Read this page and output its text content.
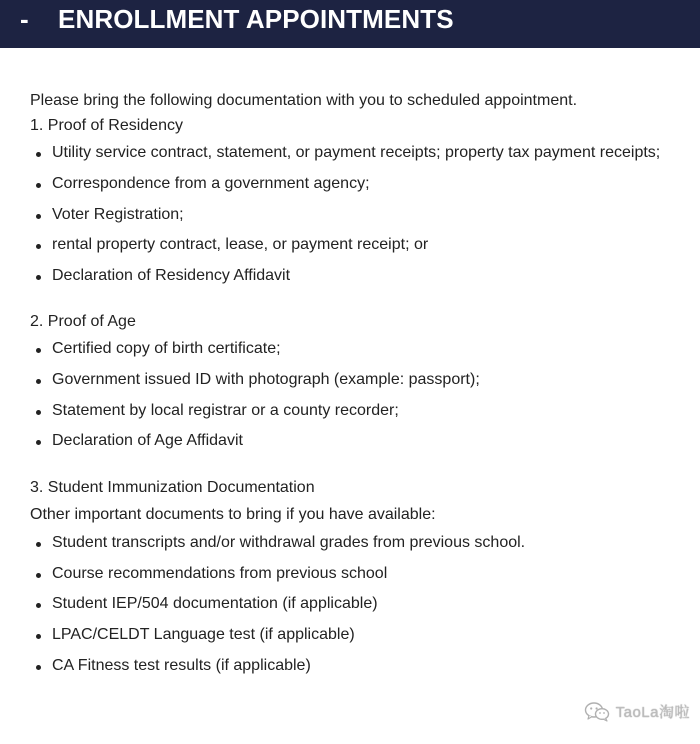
- ENROLLMENT APPOINTMENTS
Please bring the following documentation with you to scheduled appointment.
1. Proof of Residency
Utility service contract, statement, or payment receipts; property tax payment receipts;
Correspondence from a government agency;
Voter Registration;
rental property contract, lease, or payment receipt; or
Declaration of Residency Affidavit
2. Proof of Age
Certified copy of birth certificate;
Government issued ID with photograph (example: passport);
Statement by local registrar or a county recorder;
Declaration of Age Affidavit
3. Student Immunization Documentation
Other important documents to bring if you have available:
Student transcripts and/or withdrawal grades from previous school.
Course recommendations from previous school
Student IEP/504 documentation (if applicable)
LPAC/CELDT Language test (if applicable)
CA Fitness test results (if applicable)
TaoLa淘啦
